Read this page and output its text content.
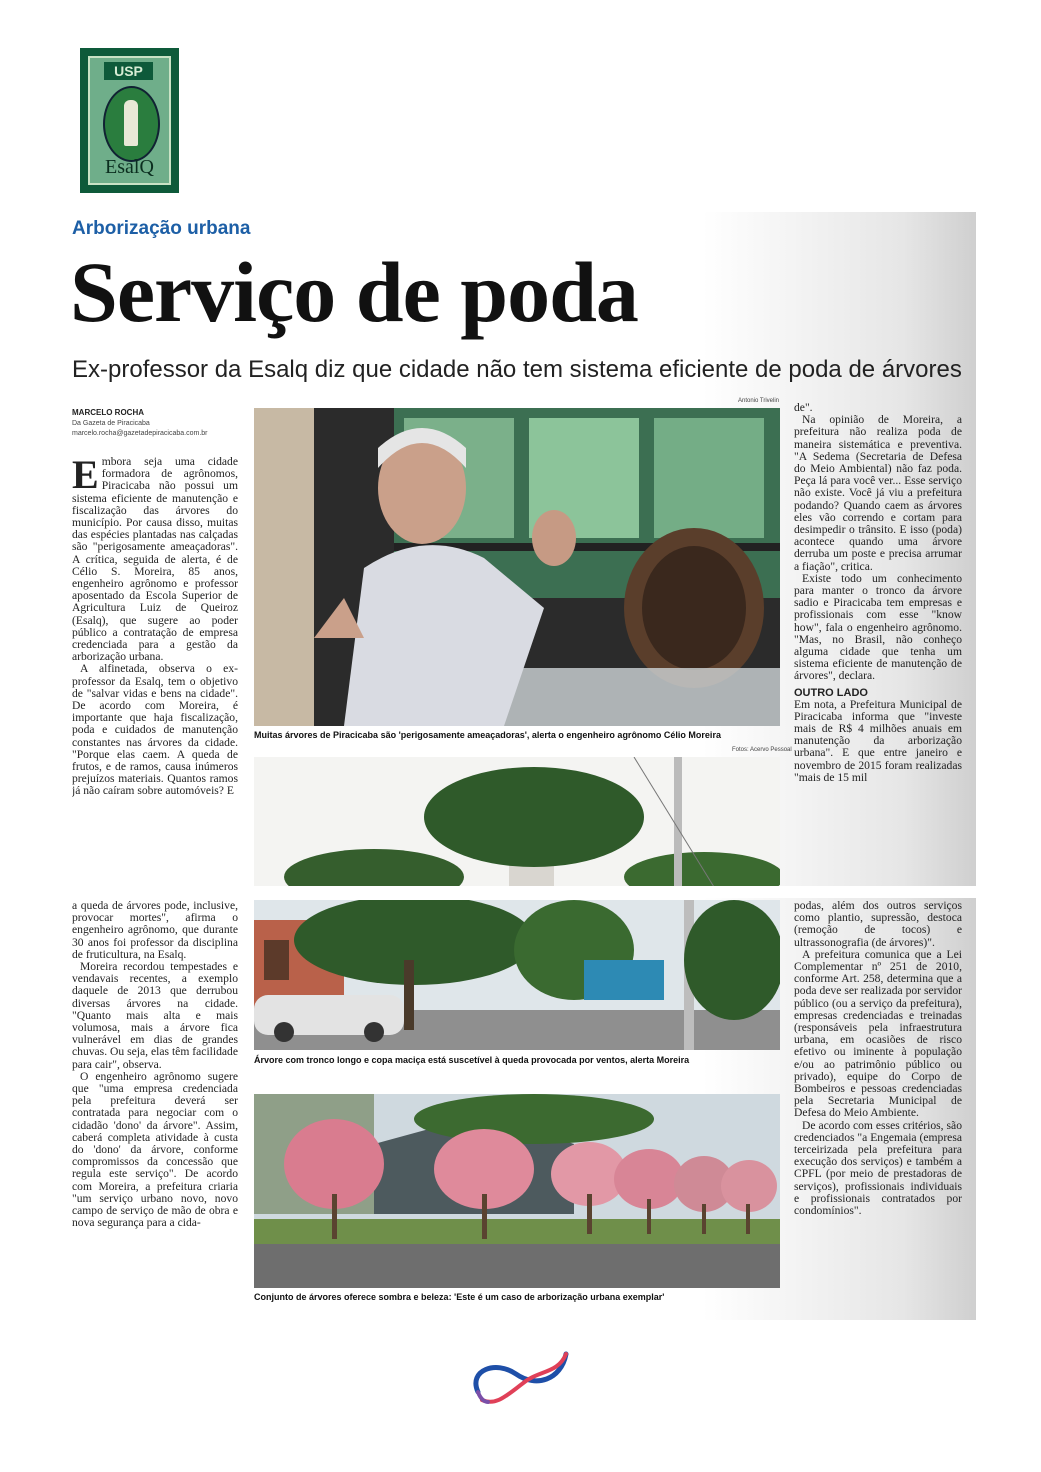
USP
EsalQ
Arborização urbana
Serviço de poda
Ex-professor da Esalq diz que cidade não tem sistema eficiente de poda de árvores
MARCELO ROCHA
Da Gazeta de Piracicaba
marcelo.rocha@gazetadepiracicaba.com.br

Embora seja uma cidade formadora de agrônomos, Piracicaba não possui um sistema eficiente de manutenção e fiscalização das árvores do município. Por causa disso, muitas das espécies plantadas nas calçadas são "perigosamente ameaçadoras". A crítica, seguida de alerta, é de Célio S. Moreira, 85 anos, engenheiro agrônomo e professor aposentado da Escola Superior de Agricultura Luiz de Queiroz (Esalq), que sugere ao poder público a contratação de empresa credenciada para a gestão da arborização urbana.

A alfinetada, observa o ex-professor da Esalq, tem o objetivo de "salvar vidas e bens na cidade". De acordo com Moreira, é importante que haja fiscalização, poda e cuidados de manutenção constantes nas árvores da cidade. "Porque elas caem. A queda de frutos, e de ramos, causa inúmeros prejuízos materiais. Quantos ramos já não caíram sobre automóveis? E

a queda de árvores pode, inclusive, provocar mortes", afirma o engenheiro agrônomo, que durante 30 anos foi professor da disciplina de fruticultura, na Esalq.

Moreira recordou tempestades e vendavais recentes, a exemplo daquele de 2013 que derrubou diversas árvores na cidade. "Quanto mais alta e mais volumosa, mais a árvore fica vulnerável em dias de grandes chuvas. Ou seja, elas têm facilidade para cair", observa.

O engenheiro agrônomo sugere que "uma empresa credenciada pela prefeitura deverá ser contratada para negociar com o cidadão 'dono' da árvore". Assim, caberá completa atividade à custa do 'dono' da árvore, conforme compromissos da concessão que regula este serviço". De acordo com Moreira, a prefeitura criaria "um serviço urbano novo, novo campo de serviço de mão de obra e nova segurança para a cida-

Antonio Trivelin
Muitas árvores de Piracicaba são 'perigosamente ameaçadoras', alerta o engenheiro agrônomo Célio Moreira
Fotos: Acervo Pessoal
Árvore com tronco longo e copa maciça está suscetível à queda provocada por ventos, alerta Moreira
Conjunto de árvores oferece sombra e beleza: 'Este é um caso de arborização urbana exemplar'

de".

Na opinião de Moreira, a prefeitura não realiza poda de maneira sistemática e preventiva. "A Sedema (Secretaria de Defesa do Meio Ambiental) não faz poda. Peça lá para você ver... Esse serviço não existe. Você já viu a prefeitura podando? Quando caem as árvores eles vão correndo e cortam para desimpedir o trânsito. E isso (poda) acontece quando uma árvore derruba um poste e precisa arrumar a fiação", critica.

Existe todo um conhecimento para manter o tronco da árvore sadio e Piracicaba tem empresas e profissionais com esse "know how", fala o engenheiro agrônomo. "Mas, no Brasil, não conheço alguma cidade que tenha um sistema eficiente de manutenção de árvores", declara.

OUTRO LADO

Em nota, a Prefeitura Municipal de Piracicaba informa que "investe mais de R$ 4 milhões anuais em manutenção da arborização urbana". E que entre janeiro e novembro de 2015 foram realizadas "mais de 15 mil

podas, além dos outros serviços como plantio, supressão, destoca (remoção de tocos) e ultrassonografia (de árvores)".

A prefeitura comunica que a Lei Complementar nº 251 de 2010, conforme Art. 258, determina que a poda deve ser realizada por servidor público (ou a serviço da prefeitura), empresas credenciadas e treinadas (responsáveis pela infraestrutura urbana, em ocasiões de risco efetivo ou iminente à população e/ou ao patrimônio público ou privado), equipe do Corpo de Bombeiros e pessoas credenciadas pela Secretaria Municipal de Defesa do Meio Ambiente.

De acordo com esses critérios, são credenciados "a Engemaia (empresa terceirizada pela prefeitura para execução dos serviços) e também a CPFL (por meio de prestadoras de serviços), profissionais individuais e profissionais contratados por condomínios".
